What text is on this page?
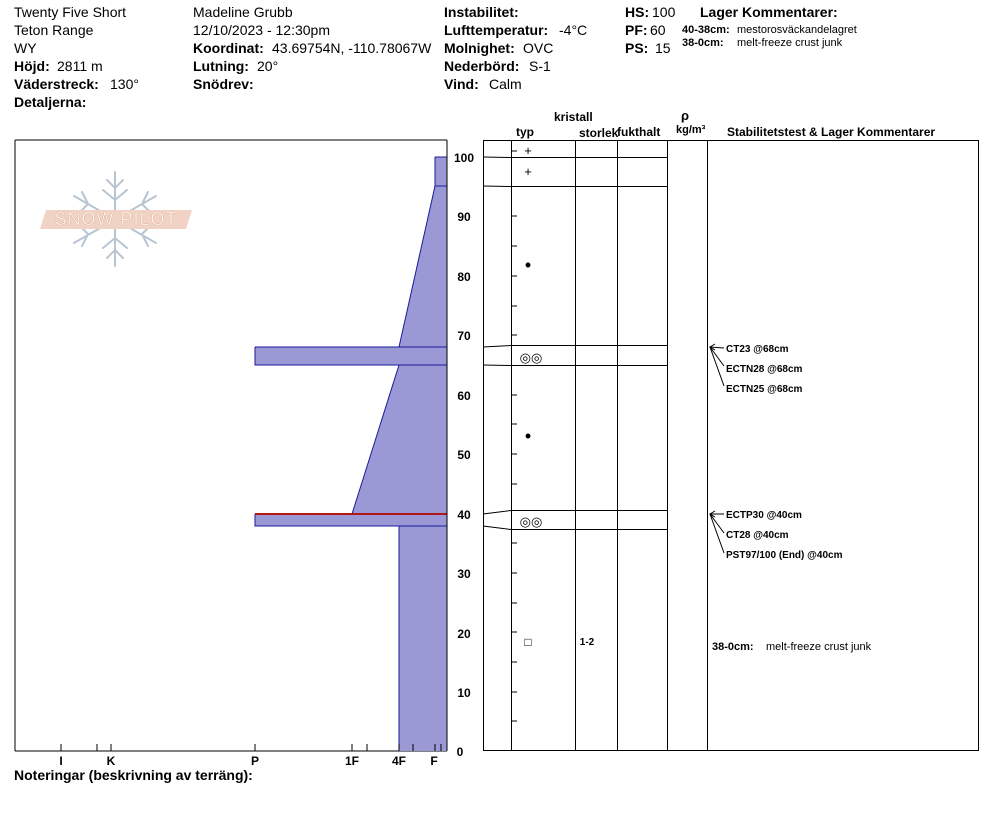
Twenty Five Short
Teton Range
WY
Höjd: 2811 m
Väderstreck: 130°
Detaljerna:
Madeline Grubb
12/10/2023 - 12:30pm
Koordinat: 43.69754N, -110.78067W
Lutning: 20°
Snödrev:
Instabilitet:
Lufttemperatur: -4°C
Molnighet: OVC
Nederbörd: S-1
Vind: Calm
HS: 100
PF: 60
PS: 15
Lager Kommentarer:
40-38cm: mestorosväckandelagret
38-0cm: melt-freeze crust junk
kristall
typ	storlek
fukthalt
ρ
kg/m³ Stabilitetstest & Lager Kommentarer
SNOW PILOT
I	K	P	1F	4F F
100
90
80
70
60
50
40
30
20
10
0
+
+
•
◎◎
•
◎◎
□	1-2
CT23 @68cm
ECTN28 @68cm
ECTN25 @68cm
ECTP30 @40cm
CT28 @40cm
PST97/100 (End) @40cm
38-0cm: melt-freeze crust junk
Noteringar (beskrivning av terräng):
